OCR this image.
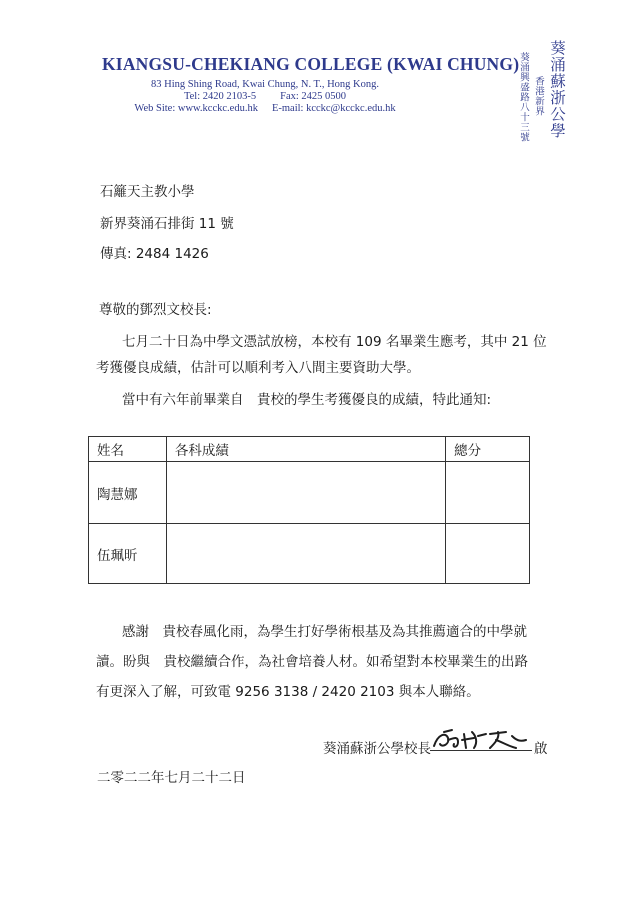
KIANGSU-CHEKIANG COLLEGE (KWAI CHUNG)
83 Hing Shing Road, Kwai Chung, N. T., Hong Kong.
Tel: 2420 2103-5 Fax: 2425 0500
Web Site: www.kcckc.edu.hk E-mail: kcckc@kcckc.edu.hk	葵涌蘇浙公學
香港新界
葵涌興盛路八十三號
石籬天主教小學
新界葵涌石排街 11 號
傳真: 2484 1426
尊敬的鄧烈文校長:
七月二十日為中學文憑試放榜，本校有 109 名畢業生應考，其中 21 位
考獲優良成績，估計可以順利考入八間主要資助大學。
當中有六年前畢業自　貴校的學生考獲優良的成績，特此通知:
姓名	各科成績	總分
陶慧娜		
伍珮昕		
感謝　貴校春風化雨，為學生打好學術根基及為其推薦適合的中學就
讀。盼與　貴校繼續合作，為社會培養人材。如希望對本校畢業生的出路
有更深入了解，可致電 9256 3138 / 2420 2103 與本人聯絡。
葵涌蘇浙公學校長	啟
二零二二年七月二十二日
